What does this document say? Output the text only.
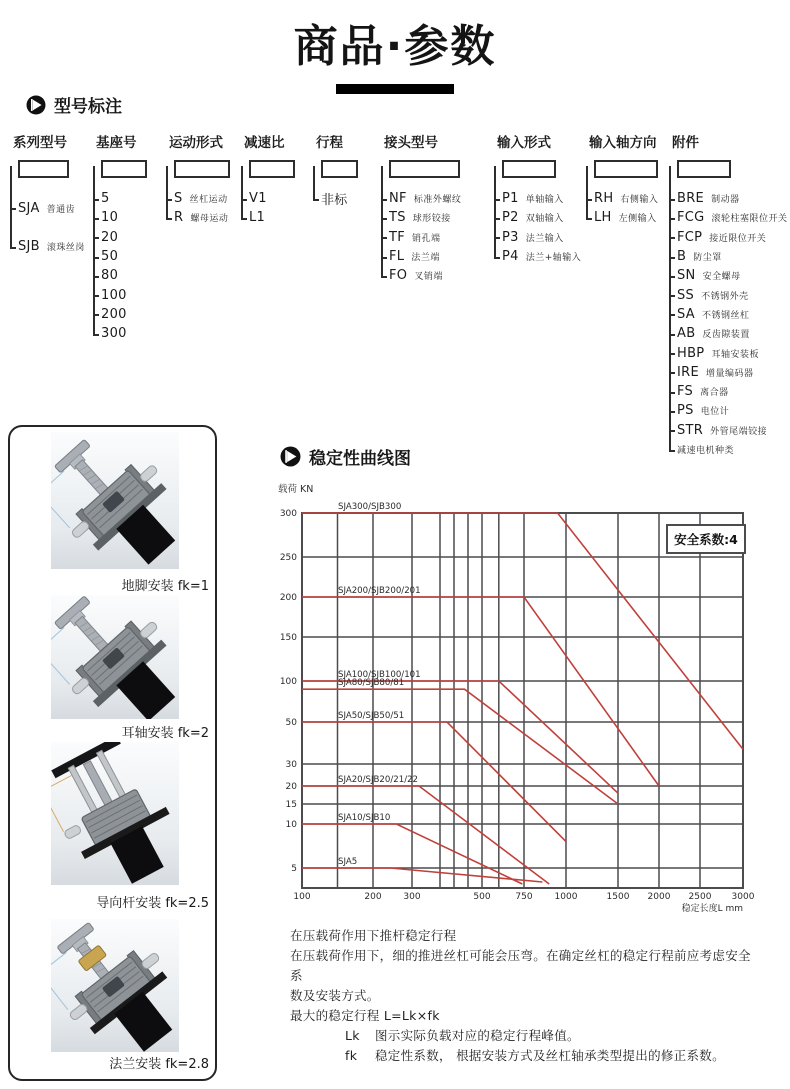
商品·参数
型号标注
系列型号
SJA 普通齿
SJB 滚珠丝岗
基座号
5
10
20
50
80
100
200
300
运动形式
S 丝杠运动
R 螺母运动
减速比
V1
L1
行程
非标
接头型号
NF 标准外螺纹
TS 球形铰接
TF 销孔端
FL 法兰端
FO 叉销端
输入形式
P1 单轴输入
P2 双轴输入
P3 法兰输入
P4 法兰+轴输入
输入轴方向
RH 右侧输入
LH 左侧输入
附件
BRE 制动器
FCG 滚轮柱塞限位开关
FCP 接近限位开关
B 防尘罩
SN 安全螺母
SS 不锈钢外壳
SA 不锈钢丝杠
AB 反齿隙装置
HBP 耳轴安装板
IRE 增量编码器
FS 离合器
PS 电位计
STR 外管尾端铰接
减速电机种类
地脚安装 fk=1
耳轴安装 fk=2
导向杆安装 fk=2.5
法兰安装 fk=2.8
稳定性曲线图
100	200 300	500	750 1000	1500 2000 2500 3000
5
10
15
20
30
50
100
150
200
250
300
载荷 KN
稳定长度L mm
SJA300/SJB300
SJA200/SJB200/201
SJA100/SJB100/101
SJA80/SJB80/81
SJA50/SJB50/51
SJA20/SJB20/21/22
SJA10/SJB10
SJA5
安全系数:4
在压载荷作用下推杆稳定行程
在压载荷作用下，细的推进丝杠可能会压弯。在确定丝杠的稳定行程前应考虑安全系
数及安装方式。
最大的稳定行程 L=Lk×fk
Lk	图示实际负载对应的稳定行程峰值。
fk	稳定性系数， 根据安装方式及丝杠轴承类型提出的修正系数。
